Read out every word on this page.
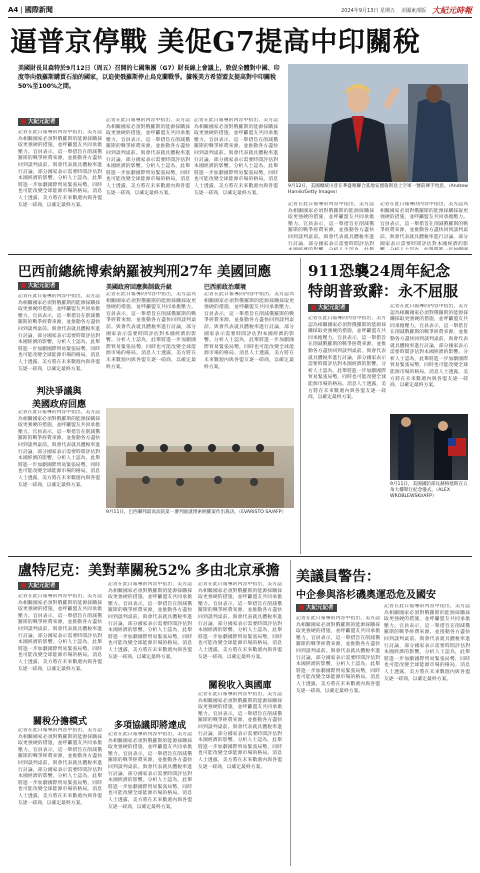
A4 | 國際新聞	2024年9月13日 星期五 美國東部版 大紀元時報
逼普京停戰 美促G7提高中印關稅
美國財長貝森特於9月12日（周五）召開的七國集團（G7）財長線上會議上，敦促全體對中國、印度等向俄羅斯購買石油的國家，以迫使俄羅斯停止烏克蘭戰爭。據報美方希望盟友提高對中印關稅50%至100%之間。
大紀元記者
記者在此日報導的內容中指出，美方認為相關國家必須對俄羅斯的能源採購採取更強硬的措施，並呼籲盟友共同承擔壓力。官員表示，這一舉措旨在削減俄羅斯的戰爭經費來源，並推動各方盡快回到談判桌前。與會代表就具體稅率進行討論，部分國家表示需要時間評估對本國經濟的影響。分析人士認為，此舉將進一步加劇國際貿易緊張局勢，同時也可能改變全球能源市場的格局。消息人士透露，美方將在未來數週內與各盟友逐一磋商，以確定最終方案。
記者在此日報導的內容中指出，美方認為相關國家必須對俄羅斯的能源採購採取更強硬的措施，並呼籲盟友共同承擔壓力。官員表示，這一舉措旨在削減俄羅斯的戰爭經費來源，並推動各方盡快回到談判桌前。與會代表就具體稅率進行討論，部分國家表示需要時間評估對本國經濟的影響。分析人士認為，此舉將進一步加劇國際貿易緊張局勢，同時也可能改變全球能源市場的格局。消息人士透露，美方將在未來數週內與各盟友逐一磋商，以確定最終方案。
記者在此日報導的內容中指出，美方認為相關國家必須對俄羅斯的能源採購採取更強硬的措施，並呼籲盟友共同承擔壓力。官員表示，這一舉措旨在削減俄羅斯的戰爭經費來源，並推動各方盡快回到談判桌前。與會代表就具體稅率進行討論，部分國家表示需要時間評估對本國經濟的影響。分析人士認為，此舉將進一步加劇國際貿易緊張局勢，同時也可能改變全球能源市場的格局。消息人士透露，美方將在未來數週內與各盟友逐一磋商，以確定最終方案。
9月12日，美國總統川普在華盛頓聯合基地安德魯斯登上空軍一號前揮手致意。（Andrew Harnik/Getty Images）
記者在此日報導的內容中指出，美方認為相關國家必須對俄羅斯的能源採購採取更強硬的措施，並呼籲盟友共同承擔壓力。官員表示，這一舉措旨在削減俄羅斯的戰爭經費來源，並推動各方盡快回到談判桌前。與會代表就具體稅率進行討論，部分國家表示需要時間評估對
記者在此日報導的內容中指出，美方認為相關國家必須對俄羅斯的能源採購採取更強硬的措施，並呼籲盟友共同承擔壓力。官員表示，這一舉措旨在削減俄羅斯的戰爭經費來源，並推動各方盡快回到談判桌前。與會代表就具體稅率進行討論，部分國家表示需要時間評估對本國經濟的影
巴西前總統博索納羅被判刑27年 美國回應
大紀元記者
記者在此日報導的內容中指出，美方認為相關國家必須對俄羅斯的能源採購採取更強硬的措施，並呼籲盟友共同承擔壓力。官員表示，這一舉措旨在削減俄羅斯的戰爭經費來源，並推動各方盡快回到談判桌前。與會代表就具體稅率進行討論，部分國家表示需要時間評估對本國經濟的影響。分析人士認為，此舉將進一步加劇國際貿易緊張局勢，同時也可能改變全球能源市場的格局。消息人士透露，美方將在未來數週內與各盟友逐一磋商，以確定最終方案。
判決爭議與
美國政府回應
記者在此日報導的內容中指出，美方認為相關國家必須對俄羅斯的能源採購採取更強硬的措施，並呼籲盟友共同承擔壓力。官員表示，這一舉措旨在削減俄羅斯的戰爭經費來源，並推動各方盡快回到談判桌前。與會代表就具體稅率進行討論，部分國家表示需要時間評估對本國經濟的影響。分析人士認為，此舉將進一步加劇國際貿易緊張局勢，同時也可能改變全球能源市場的格局。消息人士透露，美方將在未來數週內與各盟友逐一磋商，以確定最終方案。
美國政府回應與制裁升級
記者在此日報導的內容中指出，美方認為相關國家必須對俄羅斯的能源採購採取更強硬的措施，並呼籲盟友共同承擔壓力。官員表示，這一舉措旨在削減俄羅斯的戰爭經費來源，並推動各方盡快回到談判桌前。與會代表就具體稅率進行討論，部分國家表示需要時間評估對本國經濟的影響。分析人士認為，此舉將進一步加劇國際貿易緊張局勢，同時也可能改變全球能源市場的格局。消息人士透露，美方將在未來數週內與各盟友逐一磋商，以確定最終方案。
巴西前政治環境
記者在此日報導的內容中指出，美方認為相關國家必須對俄羅斯的能源採購採取更強硬的措施，並呼籲盟友共同承擔壓力。官員表示，這一舉措旨在削減俄羅斯的戰爭經費來源，並推動各方盡快回到談判桌前。與會代表就具體稅率進行討論，部分國家表示需要時間評估對本國經濟的影響。分析人士認為，此舉將進一步加劇國際貿易緊張局勢，同時也可能改變全球能源市場的格局。消息人士透露，美方將在未來數週內與各盟友逐一磋商，以確定最終方案。
9月11日，巴西聯邦最高法院第一審判庭就博索納羅案作出裁決。（EVARISTO SA/AFP）
911恐襲24周年紀念
特朗普致辭：永不屈服
大紀元記者
記者在此日報導的內容中指出，美方認為相關國家必須對俄羅斯的能源採購採取更強硬的措施，並呼籲盟友共同承擔壓力。官員表示，這一舉措旨在削減俄羅斯的戰爭經費來源，並推動各方盡快回到談判桌前。與會代表就具體稅率進行討論，部分國家表示需要時間評估對本國經濟的影響。分析人士認為，此舉將進一步加劇國際貿易緊張局勢，同時也可能改變全球能源市場的格局。消息人士透露，美方將在未來數週內與各盟友逐一磋商，以確定最終方案。
記者在此日報導的內容中指出，美方認為相關國家必須對俄羅斯的能源採購採取更強硬的措施，並呼籲盟友共同承擔壓力。官員表示，這一舉措旨在削減俄羅斯的戰爭經費來源，並推動各方盡快回到談判桌前。與會代表就具體稅率進行討論，部分國家表示需要時間評估對本國經濟的影響。分析人士認為，此舉將進一步加劇國際貿易緊張局勢，同時也可能改變全球能源市場的格局。消息人士透露，美方將在未來數週內與各盟友逐一磋商，以確定最終方案。
9月11日，美國國防部長赫格塞斯在五角大樓舉行紀念儀式。（ALEX WROBLEWSKI/AFP）
盧特尼克：美對華關稅52% 多由北京承擔
大紀元記者
記者在此日報導的內容中指出，美方認為相關國家必須對俄羅斯的能源採購採取更強硬的措施，並呼籲盟友共同承擔壓力。官員表示，這一舉措旨在削減俄羅斯的戰爭經費來源，並推動各方盡快回到談判桌前。與會代表就具體稅率進行討論，部分國家表示需要時間評估對本國經濟的影響。分析人士認為，此舉將進一步加劇國際貿易緊張局勢，同時也可能改變全球能源市場的格局。消息人士透露，美方將在未來數週內與各盟友逐一磋商，以確定最終方案。
關稅分擔模式
記者在此日報導的內容中指出，美方認為相關國家必須對俄羅斯的能源採購採取更強硬的措施，並呼籲盟友共同承擔壓力。官員表示，這一舉措旨在削減俄羅斯的戰爭經費來源，並推動各方盡快回到談判桌前。與會代表就具體稅率進行討論，部分國家表示需要時間評估對本國經濟的影響。分析人士認為，此舉將進一步加劇國際貿易緊張局勢，同時也可能改變全球能源市場的格局。消息人士透露，美方將在未來數週內與各盟友逐一磋商，以確定最終方案。
記者在此日報導的內容中指出，美方認為相關國家必須對俄羅斯的能源採購採取更強硬的措施，並呼籲盟友共同承擔壓力。官員表示，這一舉措旨在削減俄羅斯的戰爭經費來源，並推動各方盡快回到談判桌前。與會代表就具體稅率進行討論，部分國家表示需要時間評估對本國經濟的影響。分析人士認為，此舉將進一步加劇國際貿易緊張局勢，同時也可能改變全球能源市場的格局。消息人士透露，美方將在未來數週內與各盟友逐一磋商，以確定最終方案。
多項協議即將達成
記者在此日報導的內容中指出，美方認為相關國家必須對俄羅斯的能源採購採取更強硬的措施，並呼籲盟友共同承擔壓力。官員表示，這一舉措旨在削減俄羅斯的戰爭經費來源，並推動各方盡快回到談判桌前。與會代表就具體稅率進行討論，部分國家表示需要時間評估對本國經濟的影響。分析人士認為，此舉將進一步加劇國際貿易緊張局勢，同時也可能改變全球能源市場的格局。消息人士透露，美方將在未來數週內與各盟友逐一磋商，以確定最終方案。
記者在此日報導的內容中指出，美方認為相關國家必須對俄羅斯的能源採購採取更強硬的措施，並呼籲盟友共同承擔壓力。官員表示，這一舉措旨在削減俄羅斯的戰爭經費來源，並推動各方盡快回到談判桌前。與會代表就具體稅率進行討論，部分國家表示需要時間評估對本國經濟的影響。分析人士認為，此舉將進一步加劇國際貿易緊張局勢，同時也可能改變全球能源市場的格局。消息人士透露，美方將在未來數週內與各盟友逐一磋商，以確定最終方案。
關稅收入與國庫
記者在此日報導的內容中指出，美方認為相關國家必須對俄羅斯的能源採購採取更強硬的措施，並呼籲盟友共同承擔壓力。官員表示，這一舉措旨在削減俄羅斯的戰爭經費來源，並推動各方盡快回到談判桌前。與會代表就具體稅率進行討論，部分國家表示需要時間評估對本國經濟的影響。分析人士認為，此舉將進一步加劇國際貿易緊張局勢，同時也可能改變全球能源市場的格局。消息人士透露，美方將在未來數週內與各盟友逐一磋商，以確定最終方案。
美議員警告：
中企參與洛杉磯奧運恐危及國安
大紀元記者
記者在此日報導的內容中指出，美方認為相關國家必須對俄羅斯的能源採購採取更強硬的措施，並呼籲盟友共同承擔壓力。官員表示，這一舉措旨在削減俄羅斯的戰爭經費來源，並推動各方盡快回到談判桌前。與會代表就具體稅率進行討論，部分國家表示需要時間評估對本國經濟的影響。分析人士認為，此舉將進一步加劇國際貿易緊張局勢，同時也可能改變全球能源市場的格局。消息人士透露，美方將在未來數週內與各盟友逐一磋商，以確定最終方案。
記者在此日報導的內容中指出，美方認為相關國家必須對俄羅斯的能源採購採取更強硬的措施，並呼籲盟友共同承擔壓力。官員表示，這一舉措旨在削減俄羅斯的戰爭經費來源，並推動各方盡快回到談判桌前。與會代表就具體稅率進行討論，部分國家表示需要時間評估對本國經濟的影響。分析人士認為，此舉將進一步加劇國際貿易緊張局勢，同時也可能改變全球能源市場的格局。消息人士透露，美方將在未來數週內與各盟友逐一磋商，以確定最終方案。
